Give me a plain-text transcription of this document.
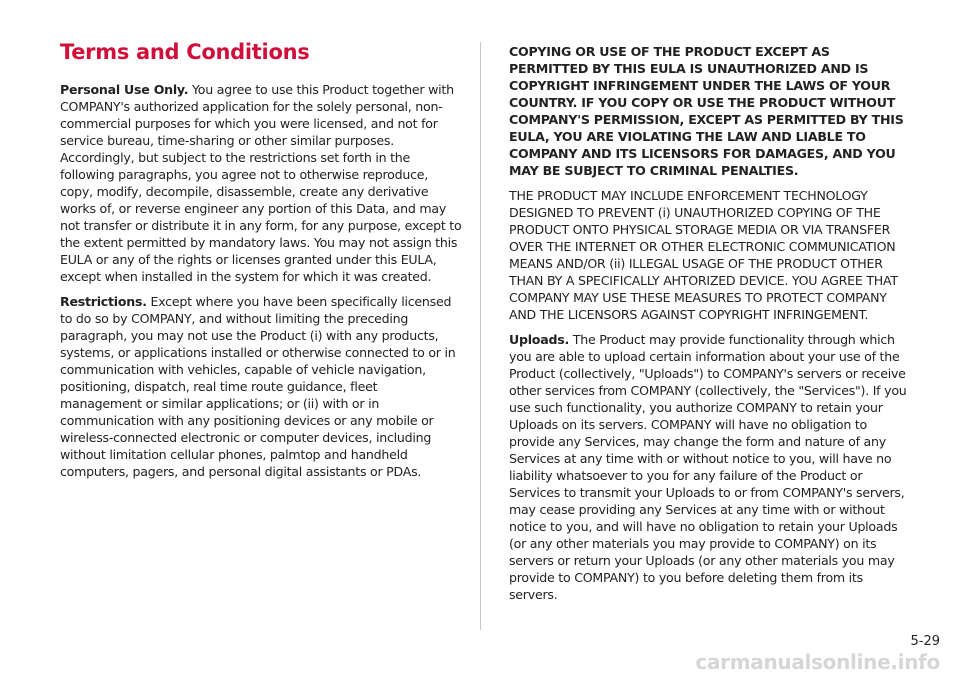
Terms and Conditions

Personal Use Only. You agree to use this Product together with COMPANY's authorized application for the solely personal, non-commercial purposes for which you were licensed, and not for service bureau, time-sharing or other similar purposes. Accordingly, but subject to the restrictions set forth in the following paragraphs, you agree not to otherwise reproduce, copy, modify, decompile, disassemble, create any derivative works of, or reverse engineer any portion of this Data, and may not transfer or distribute it in any form, for any purpose, except to the extent permitted by mandatory laws. You may not assign this EULA or any of the rights or licenses granted under this EULA, except when installed in the system for which it was created.

Restrictions. Except where you have been specifically licensed to do so by COMPANY, and without limiting the preceding paragraph, you may not use the Product (i) with any products, systems, or applications installed or otherwise connected to or in communication with vehicles, capable of vehicle navigation, positioning, dispatch, real time route guidance, fleet management or similar applications; or (ii) with or in communication with any positioning devices or any mobile or wireless-connected electronic or computer devices, including without limitation cellular phones, palmtop and handheld computers, pagers, and personal digital assistants or PDAs.

COPYING OR USE OF THE PRODUCT EXCEPT AS PERMITTED BY THIS EULA IS UNAUTHORIZED AND IS COPYRIGHT INFRINGEMENT UNDER THE LAWS OF YOUR COUNTRY. IF YOU COPY OR USE THE PRODUCT WITHOUT COMPANY'S PERMISSION, EXCEPT AS PERMITTED BY THIS EULA, YOU ARE VIOLATING THE LAW AND LIABLE TO COMPANY AND ITS LICENSORS FOR DAMAGES, AND YOU MAY BE SUBJECT TO CRIMINAL PENALTIES.

THE PRODUCT MAY INCLUDE ENFORCEMENT TECHNOLOGY DESIGNED TO PREVENT (i) UNAUTHORIZED COPYING OF THE PRODUCT ONTO PHYSICAL STORAGE MEDIA OR VIA TRANSFER OVER THE INTERNET OR OTHER ELECTRONIC COMMUNICATION MEANS AND/OR (ii) ILLEGAL USAGE OF THE PRODUCT OTHER THAN BY A SPECIFICALLY AHTORIZED DEVICE. YOU AGREE THAT COMPANY MAY USE THESE MEASURES TO PROTECT COMPANY AND THE LICENSORS AGAINST COPYRIGHT INFRINGEMENT.

Uploads. The Product may provide functionality through which you are able to upload certain information about your use of the Product (collectively, "Uploads") to COMPANY's servers or receive other services from COMPANY (collectively, the "Services"). If you use such functionality, you authorize COMPANY to retain your Uploads on its servers. COMPANY will have no obligation to provide any Services, may change the form and nature of any Services at any time with or without notice to you, will have no liability whatsoever to you for any failure of the Product or Services to transmit your Uploads to or from COMPANY's servers, may cease providing any Services at any time with or without notice to you, and will have no obligation to retain your Uploads (or any other materials you may provide to COMPANY) on its servers or return your Uploads (or any other materials you may provide to COMPANY) to you before deleting them from its servers.

5-29
carmanualsonline.info
